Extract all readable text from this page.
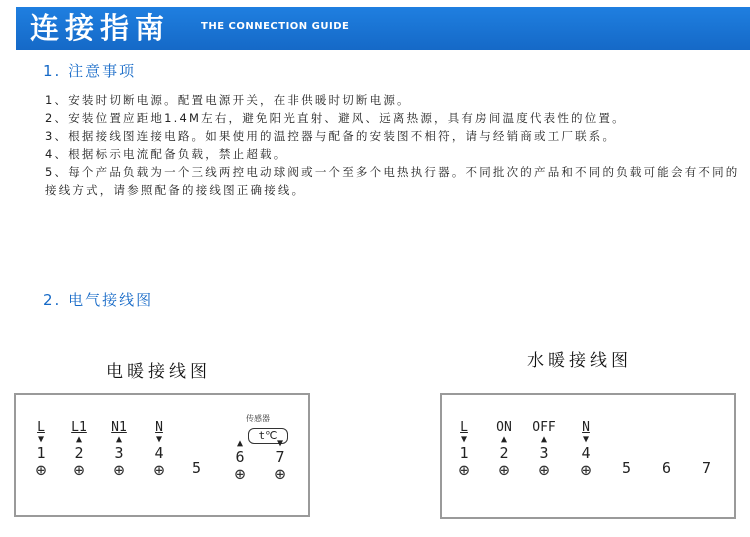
连接指南	THE CONNECTION GUIDE
1. 注意事项
1、安装时切断电源。配置电源开关，在非供暖时切断电源。
2、安装位置应距地1.4M左右，避免阳光直射、避风、远离热源，具有房间温度代表性的位置。
3、根据接线图连接电路。如果使用的温控器与配备的安装图不相符，请与经销商或工厂联系。
4、根据标示电流配备负载，禁止超载。
5、每个产品负载为一个三线两控电动球阀或一个至多个电热执行器。不同批次的产品和不同的负载可能会有不同的接线方式，请参照配备的接线图正确接线。
2. 电气接线图
电暖接线图
L
▼
1
⊕
L1
▲
2
⊕
N1
▲
3
⊕
N
▼
4
⊕	5
传感器
t℃
▲
6
⊕
▼
7
⊕
水暖接线图
L
▼
1
⊕
ON
▲
2
⊕
OFF
▲
3
⊕
N
▼
4
⊕	5 6 7
